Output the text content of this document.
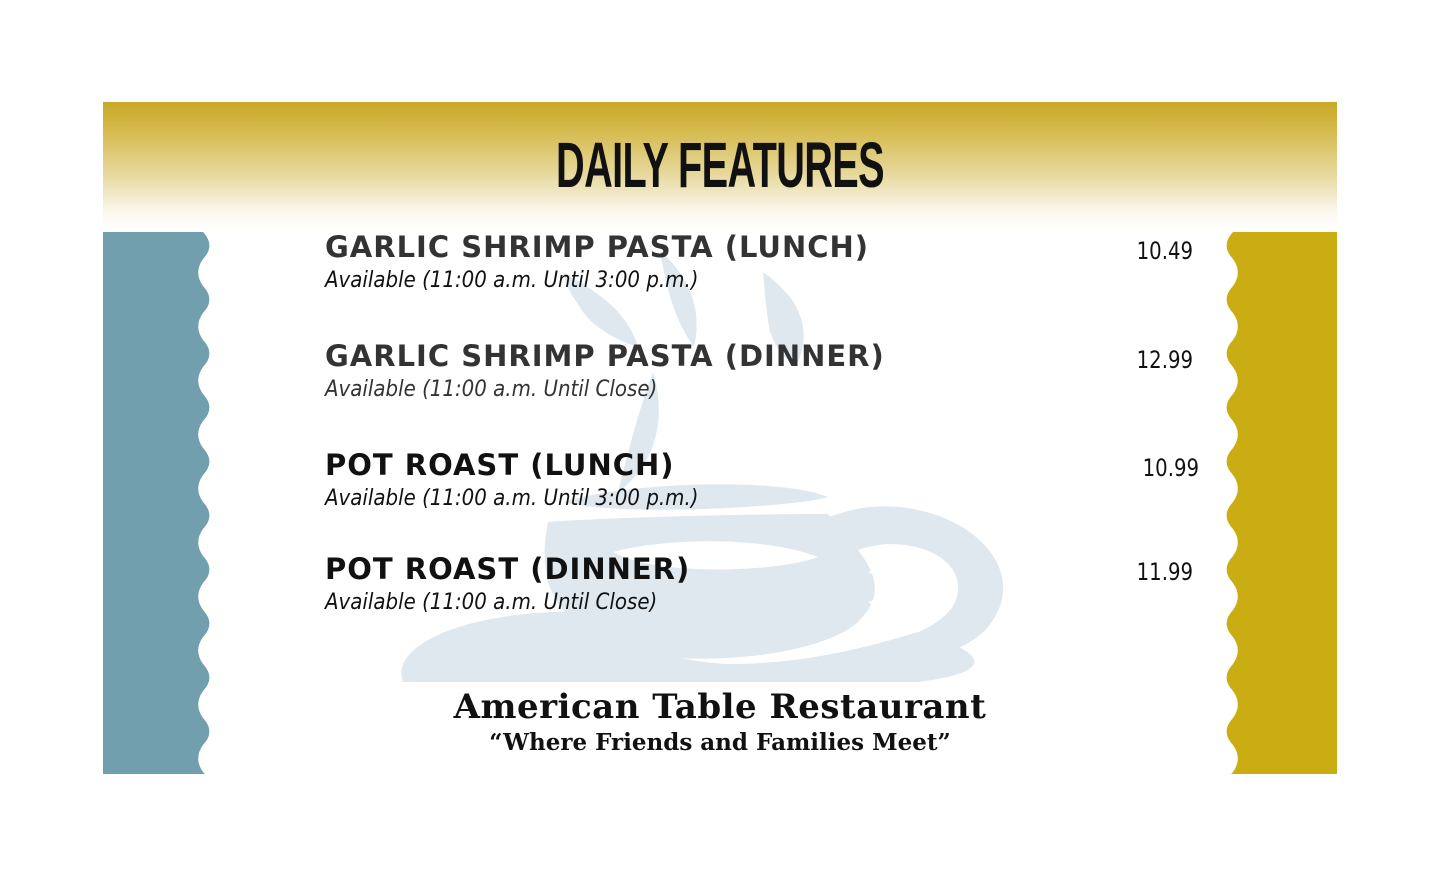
DAILY FEATURES
GARLIC SHRIMP PASTA (LUNCH)
Available (11:00 a.m. Until 3:00 p.m.)
10.49
GARLIC SHRIMP PASTA (DINNER)
Available (11:00 a.m. Until Close)
12.99
POT ROAST (LUNCH)
Available (11:00 a.m. Until 3:00 p.m.)
10.99
POT ROAST (DINNER)
Available (11:00 a.m. Until Close)
11.99
American Table Restaurant
“Where Friends and Families Meet”
